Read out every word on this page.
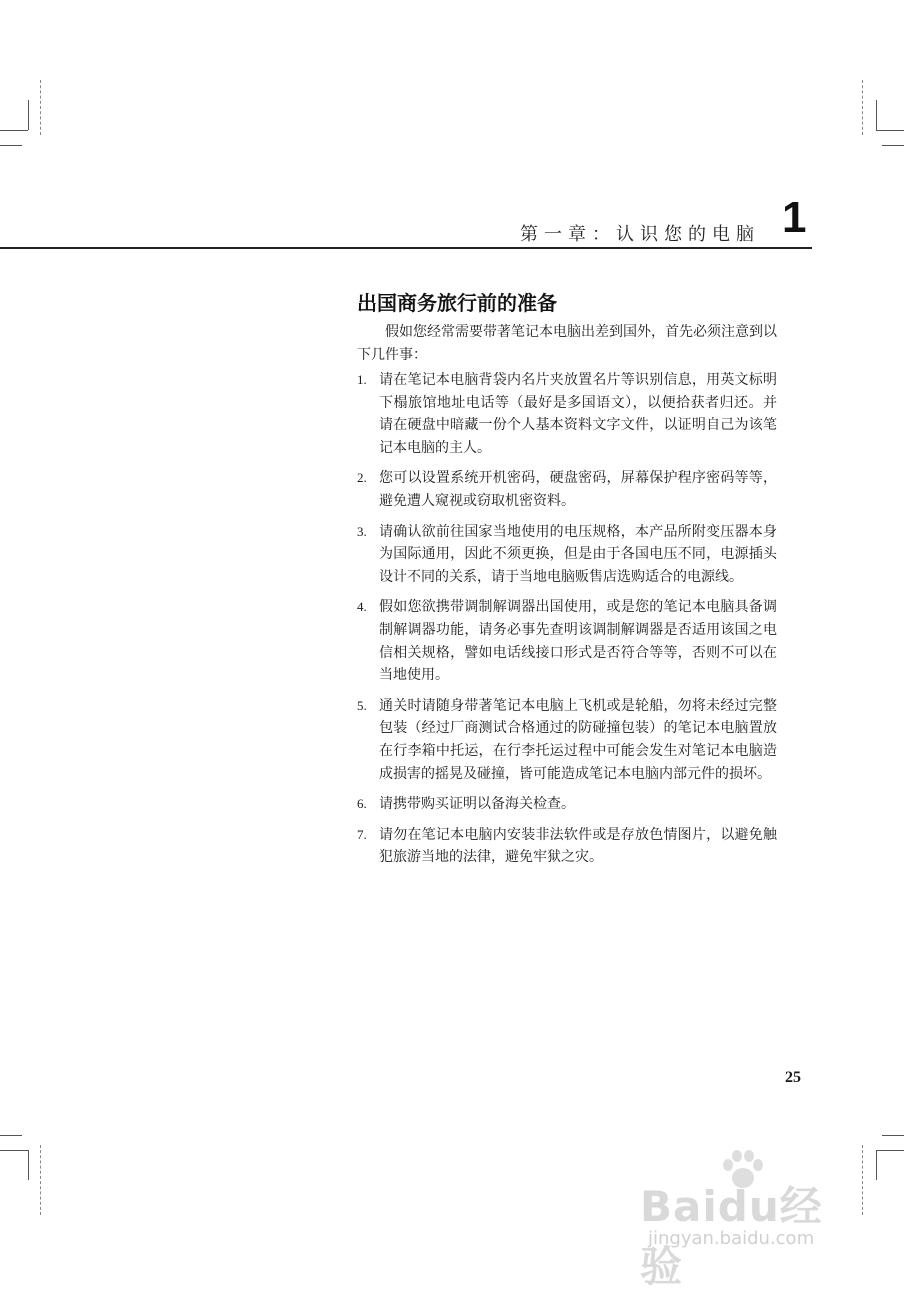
第一章：认识您的电脑 1
出国商务旅行前的准备
假如您经常需要带著笔记本电脑出差到国外，首先必须注意到以下几件事：
1. 请在笔记本电脑背袋内名片夹放置名片等识别信息，用英文标明下榻旅馆地址电话等（最好是多国语文），以便拾获者归还。并请在硬盘中暗藏一份个人基本资料文字文件，以证明自己为该笔记本电脑的主人。
2. 您可以设置系统开机密码，硬盘密码，屏幕保护程序密码等等，避免遭人窥视或窃取机密资料。
3. 请确认欲前往国家当地使用的电压规格，本产品所附变压器本身为国际通用，因此不须更换，但是由于各国电压不同，电源插头设计不同的关系，请于当地电脑贩售店选购适合的电源线。
4. 假如您欲携带调制解调器出国使用，或是您的笔记本电脑具备调制解调器功能，请务必事先查明该调制解调器是否适用该国之电信相关规格，譬如电话线接口形式是否符合等等，否则不可以在当地使用。
5. 通关时请随身带著笔记本电脑上飞机或是轮船，勿将未经过完整包装（经过厂商测试合格通过的防碰撞包装）的笔记本电脑置放在行李箱中托运，在行李托运过程中可能会发生对笔记本电脑造成损害的摇晃及碰撞，皆可能造成笔记本电脑内部元件的损坏。
6. 请携带购买证明以备海关检查。
7. 请勿在笔记本电脑内安装非法软件或是存放色情图片，以避免触犯旅游当地的法律，避免牢狱之灾。
25
Baidu经验
jingyan.baidu.com
